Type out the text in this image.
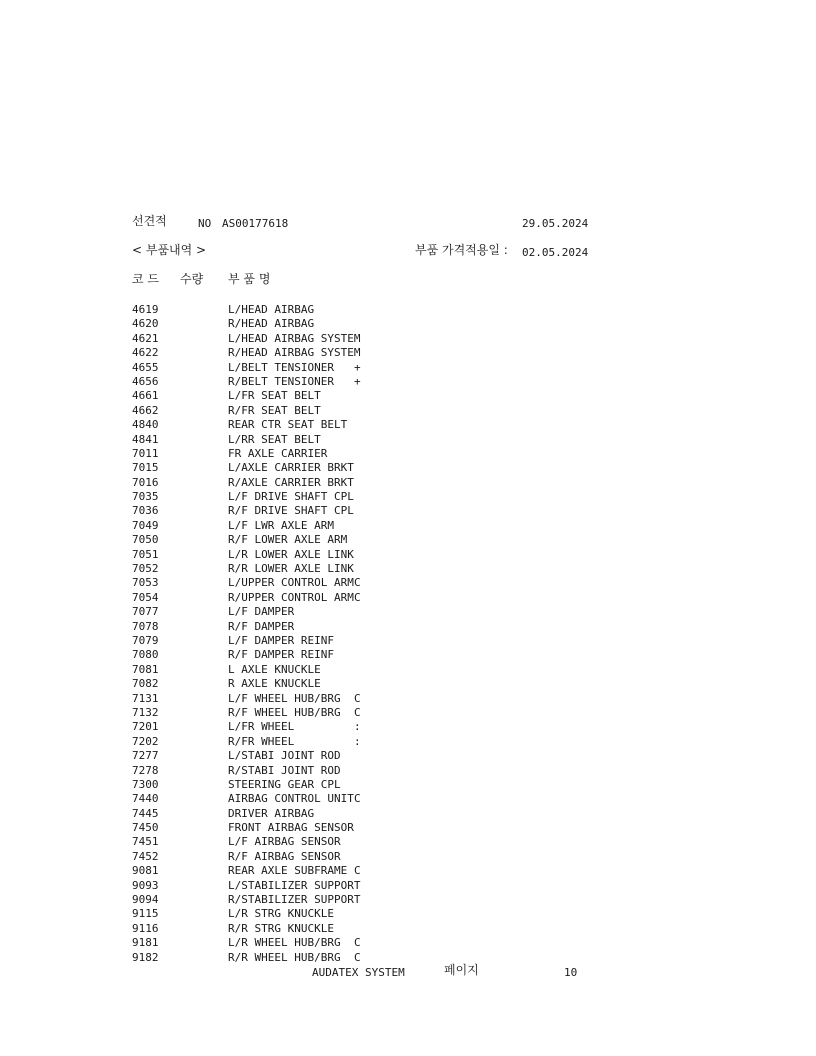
선견적	NO AS00177618	29.05.2024
< 부품내역 >	부품 가격적용일 : 02.05.2024
코 드 수량 부 품 명
4619	L/HEAD AIRBAG
4620	R/HEAD AIRBAG
4621	L/HEAD AIRBAG SYSTEM
4622	R/HEAD AIRBAG SYSTEM
4655	L/BELT TENSIONER +
4656	R/BELT TENSIONER +
4661	L/FR SEAT BELT
4662	R/FR SEAT BELT
4840	REAR CTR SEAT BELT
4841	L/RR SEAT BELT
7011	FR AXLE CARRIER
7015	L/AXLE CARRIER BRKT
7016	R/AXLE CARRIER BRKT
7035	L/F DRIVE SHAFT CPL
7036	R/F DRIVE SHAFT CPL
7049	L/F LWR AXLE ARM
7050	R/F LOWER AXLE ARM
7051	L/R LOWER AXLE LINK
7052	R/R LOWER AXLE LINK
7053	L/UPPER CONTROL ARM C
7054	R/UPPER CONTROL ARM C
7077	L/F DAMPER
7078	R/F DAMPER
7079	L/F DAMPER REINF
7080	R/F DAMPER REINF
7081	L AXLE KNUCKLE
7082	R AXLE KNUCKLE
7131	L/F WHEEL HUB/BRG C
7132	R/F WHEEL HUB/BRG C
7201	L/FR WHEEL	:
7202	R/FR WHEEL	:
7277	L/STABI JOINT ROD
7278	R/STABI JOINT ROD
7300	STEERING GEAR CPL
7440	AIRBAG CONTROL UNIT C
7445	DRIVER AIRBAG
7450	FRONT AIRBAG SENSOR
7451	L/F AIRBAG SENSOR
7452	R/F AIRBAG SENSOR
9081	REAR AXLE SUBFRAME C
9093	L/STABILIZER SUPPORT
9094	R/STABILIZER SUPPORT
9115	L/R STRG KNUCKLE
9116	R/R STRG KNUCKLE
9181	L/R WHEEL HUB/BRG C
9182	R/R WHEEL HUB/BRG C
AUDATEX SYSTEM	페이지	10
